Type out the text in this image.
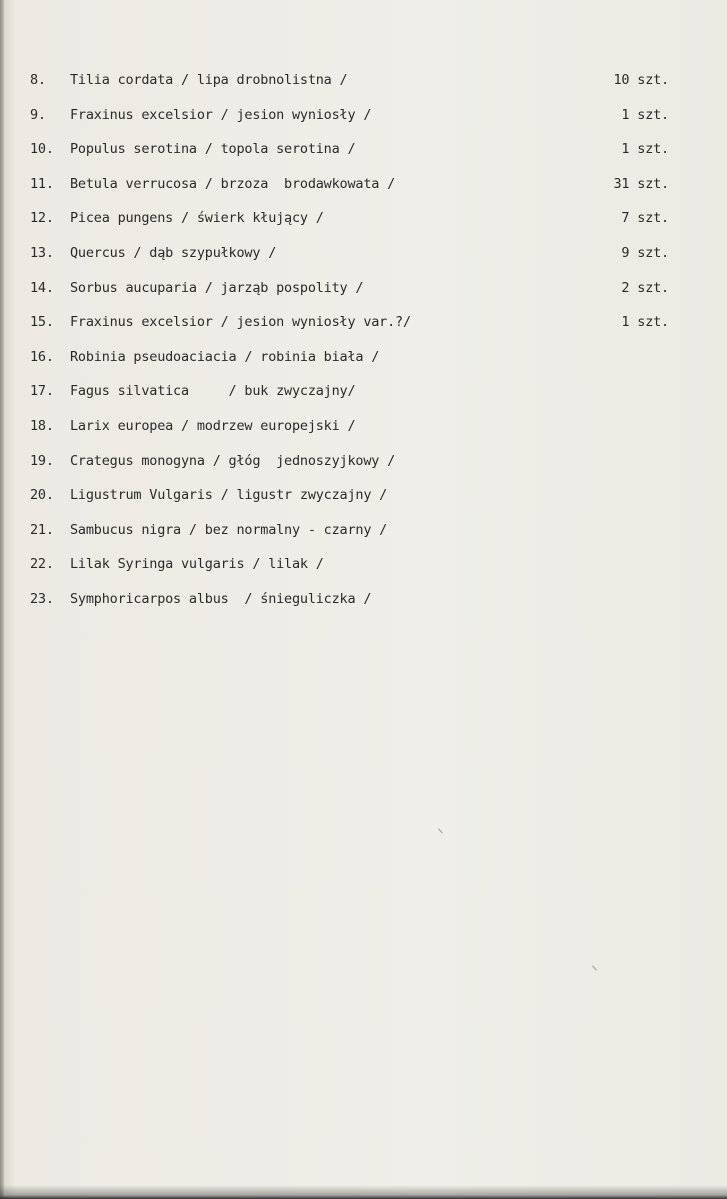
8.	Tilia cordata / lipa drobnolistna /	10 szt.
9.	Fraxinus excelsior / jesion wyniosły /	1 szt.
10.	Populus serotina / topola serotina /	1 szt.
11.	Betula verrucosa / brzoza  brodawkowata /	31 szt.
12.	Picea pungens / świerk kłujący /	7 szt.
13.	Quercus / dąb szypułkowy /	9 szt.
14.	Sorbus aucuparia / jarząb pospolity /	2 szt.
15.	Fraxinus excelsior / jesion wyniosły var.?/	1 szt.
16.	Robinia pseudoaciacia / robinia biała /
17.	Fagus silvatica     / buk zwyczajny/
18.	Larix europea / modrzew europejski /
19.	Crategus monogyna / głóg  jednoszyjkowy /
20.	Ligustrum Vulgaris / ligustr zwyczajny /
21.	Sambucus nigra / bez normalny - czarny /
22.	Lilak Syringa vulgaris / lilak /
23.	Symphoricarpos albus  / śnieguliczka /
